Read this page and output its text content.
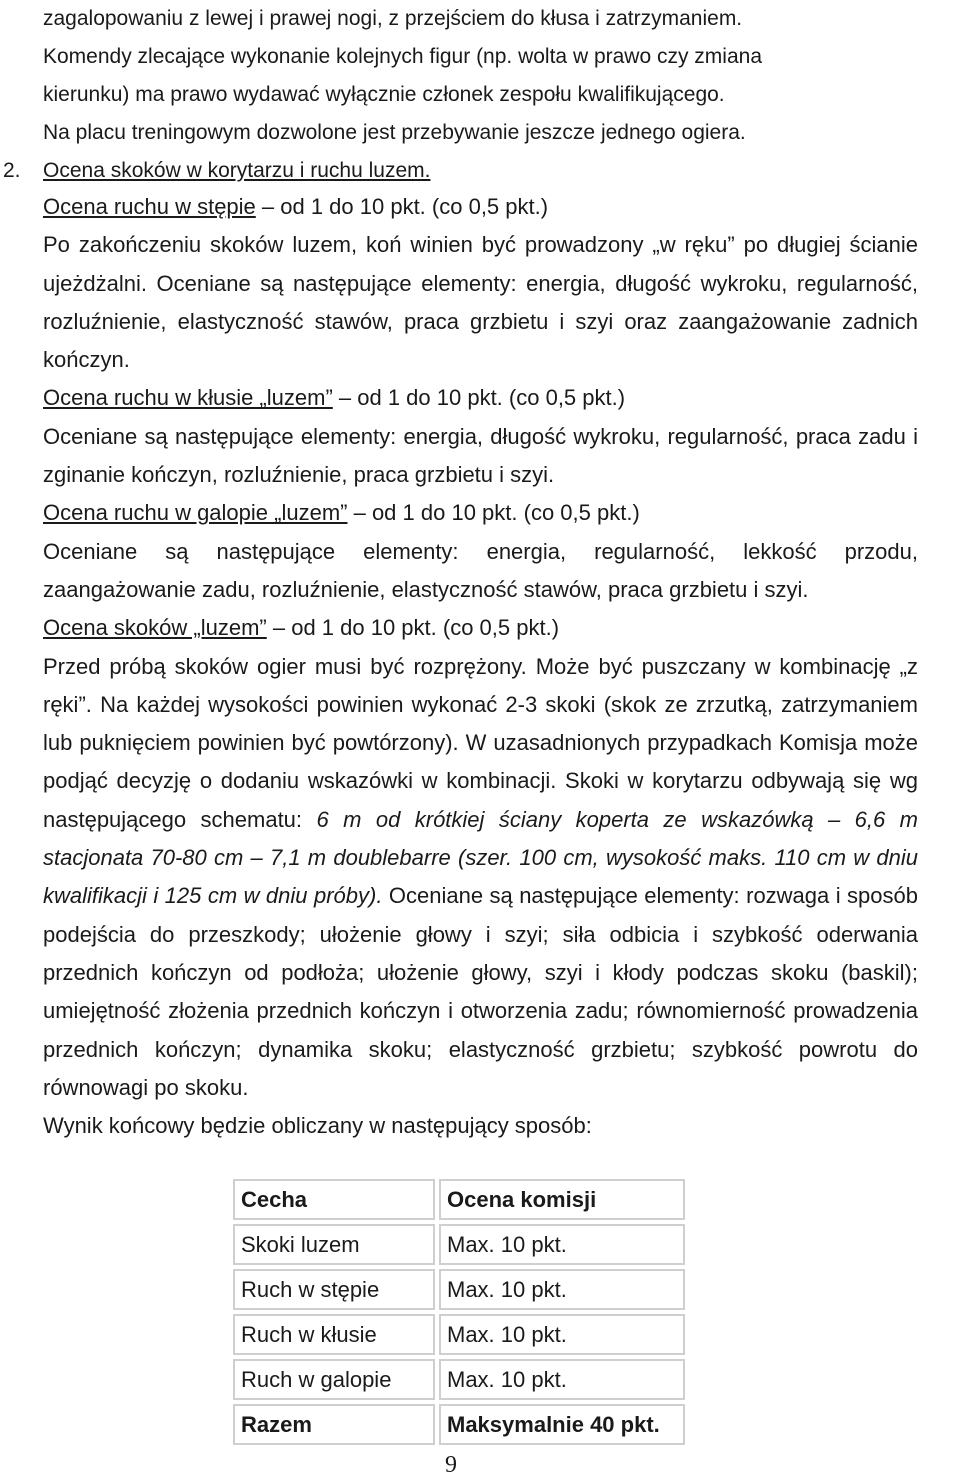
zagalopowaniu z lewej i prawej nogi, z przejściem do kłusa i zatrzymaniem.

Komendy zlecające wykonanie kolejnych figur (np. wolta w prawo czy zmiana

kierunku) ma prawo wydawać wyłącznie członek zespołu kwalifikującego.

Na placu treningowym dozwolone jest przebywanie jeszcze jednego ogiera.

2. Ocena skoków w korytarzu i ruchu luzem.

Ocena ruchu w stępie – od 1 do 10 pkt. (co 0,5 pkt.)

Po zakończeniu skoków luzem, koń winien być prowadzony „w ręku” po długiej ścianie ujeżdżalni. Oceniane są następujące elementy: energia, długość wykroku, regularność, rozluźnienie, elastyczność stawów, praca grzbietu i szyi oraz zaangażowanie zadnich kończyn.

Ocena ruchu w kłusie „luzem” – od 1 do 10 pkt. (co 0,5 pkt.)

Oceniane są następujące elementy: energia, długość wykroku, regularność, praca zadu i zginanie kończyn, rozluźnienie, praca grzbietu i szyi.

Ocena ruchu w galopie „luzem” – od 1 do 10 pkt. (co 0,5 pkt.)

Oceniane są następujące elementy: energia, regularność, lekkość przodu, zaangażowanie zadu, rozluźnienie, elastyczność stawów, praca grzbietu i szyi.

Ocena skoków „luzem” – od 1 do 10 pkt. (co 0,5 pkt.)

Przed próbą skoków ogier musi być rozprężony. Może być puszczany w kombinację „z ręki”. Na każdej wysokości powinien wykonać 2-3 skoki (skok ze zrzutką, zatrzymaniem lub puknięciem powinien być powtórzony). W uzasadnionych przypadkach Komisja może podjąć decyzję o dodaniu wskazówki w kombinacji. Skoki w korytarzu odbywają się wg następującego schematu: 6 m od krótkiej ściany koperta ze wskazówką – 6,6 m stacjonata 70-80 cm – 7,1 m doublebarre (szer. 100 cm, wysokość maks. 110 cm w dniu kwalifikacji i 125 cm w dniu próby). Oceniane są następujące elementy: rozwaga i sposób podejścia do przeszkody; ułożenie głowy i szyi; siła odbicia i szybkość oderwania przednich kończyn od podłoża; ułożenie głowy, szyi i kłody podczas skoku (baskil); umiejętność złożenia przednich kończyn i otworzenia zadu; równomierność prowadzenia przednich kończyn; dynamika skoku; elastyczność grzbietu; szybkość powrotu do równowagi po skoku.

Wynik końcowy będzie obliczany w następujący sposób:

Cecha	Ocena komisji
Skoki luzem	Max. 10 pkt.
Ruch w stępie	Max. 10 pkt.
Ruch w kłusie	Max. 10 pkt.
Ruch w galopie	Max. 10 pkt.
Razem	Maksymalnie 40 pkt.
9
